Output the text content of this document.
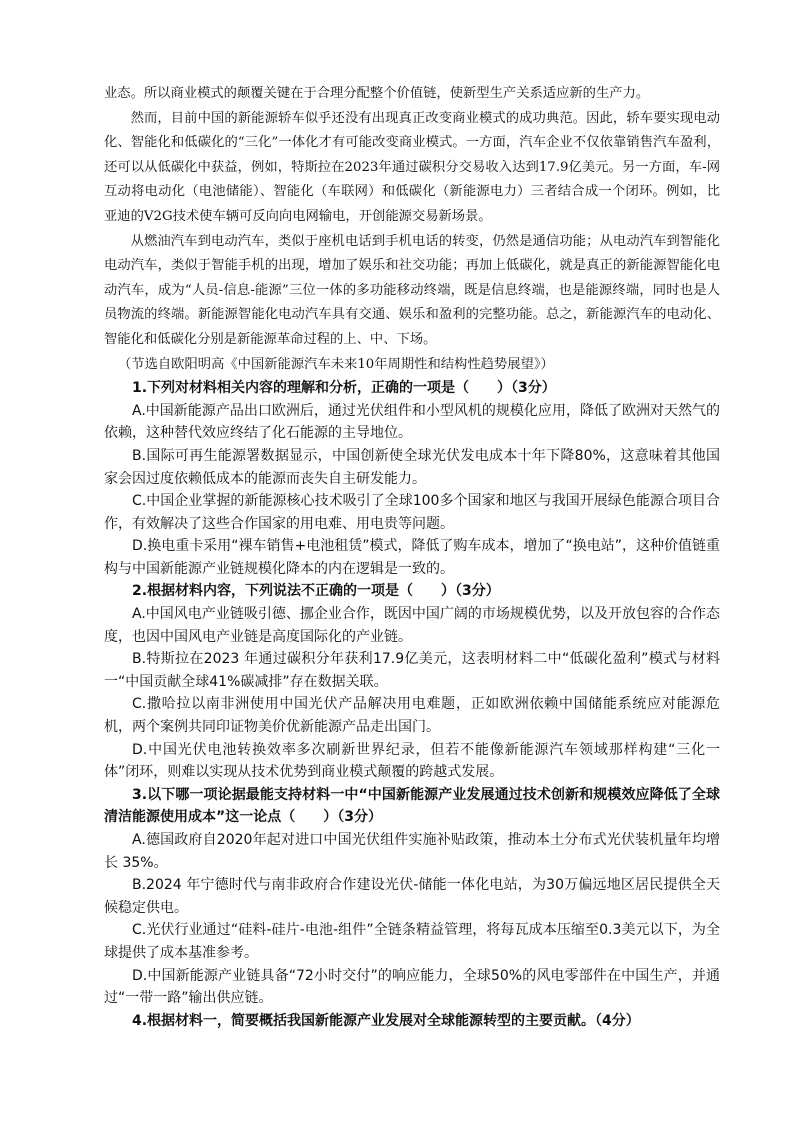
业态。所以商业模式的颠覆关键在于合理分配整个价值链，使新型生产关系适应新的生产力。

然而，目前中国的新能源轿车似乎还没有出现真正改变商业模式的成功典范。因此，轿车要实现电动化、智能化和低碳化的“三化”一体化才有可能改变商业模式。一方面，汽车企业不仅依靠销售汽车盈利，还可以从低碳化中获益，例如，特斯拉在2023年通过碳积分交易收入达到17.9亿美元。另一方面，车-网互动将电动化（电池储能）、智能化（车联网）和低碳化（新能源电力）三者结合成一个闭环。例如，比亚迪的V2G技术使车辆可反向向电网输电，开创能源交易新场景。

从燃油汽车到电动汽车，类似于座机电话到手机电话的转变，仍然是通信功能；从电动汽车到智能化电动汽车，类似于智能手机的出现，增加了娱乐和社交功能；再加上低碳化，就是真正的新能源智能化电动汽车，成为“人员-信息-能源”三位一体的多功能移动终端，既是信息终端，也是能源终端，同时也是人员物流的终端。新能源智能化电动汽车具有交通、娱乐和盈利的完整功能。总之，新能源汽车的电动化、智能化和低碳化分别是新能源革命过程的上、中、下场。

（节选自欧阳明高《中国新能源汽车未来10年周期性和结构性趋势展望》）

1.下列对材料相关内容的理解和分析，正确的一项是（　　）（3分）

A.中国新能源产品出口欧洲后，通过光伏组件和小型风机的规模化应用，降低了欧洲对天然气的依赖，这种替代效应终结了化石能源的主导地位。

B.国际可再生能源署数据显示，中国创新使全球光伏发电成本十年下降80%，这意味着其他国家会因过度依赖低成本的能源而丧失自主研发能力。

C.中国企业掌握的新能源核心技术吸引了全球100多个国家和地区与我国开展绿色能源合项目合作，有效解决了这些合作国家的用电难、用电贵等问题。

D.换电重卡采用“裸车销售+电池租赁”模式，降低了购车成本，增加了“换电站”，这种价值链重构与中国新能源产业链规模化降本的内在逻辑是一致的。

2.根据材料内容，下列说法不正确的一项是（　　）（3分）

A.中国风电产业链吸引德、挪企业合作，既因中国广阔的市场规模优势，以及开放包容的合作态度，也因中国风电产业链是高度国际化的产业链。

B.特斯拉在2023 年通过碳积分年获利17.9亿美元，这表明材料二中“低碳化盈利”模式与材料一“中国贡献全球41%碳减排”存在数据关联。

C.撒哈拉以南非洲使用中国光伏产品解决用电难题，正如欧洲依赖中国储能系统应对能源危机，两个案例共同印证物美价优新能源产品走出国门。

D.中国光伏电池转换效率多次刷新世界纪录，但若不能像新能源汽车领域那样构建“三化一体”闭环，则难以实现从技术优势到商业模式颠覆的跨越式发展。

3.以下哪一项论据最能支持材料一中“中国新能源产业发展通过技术创新和规模效应降低了全球清洁能源使用成本”这一论点（　　）（3分）

A.德国政府自2020年起对进口中国光伏组件实施补贴政策，推动本土分布式光伏装机量年均增长 35%。

B.2024 年宁德时代与南非政府合作建设光伏-储能一体化电站，为30万偏远地区居民提供全天候稳定供电。

C.光伏行业通过“硅料-硅片-电池-组件”全链条精益管理，将每瓦成本压缩至0.3美元以下，为全球提供了成本基准参考。

D.中国新能源产业链具备“72小时交付”的响应能力，全球50%的风电零部件在中国生产，并通过“一带一路”输出供应链。

4.根据材料一，简要概括我国新能源产业发展对全球能源转型的主要贡献。（4分）
